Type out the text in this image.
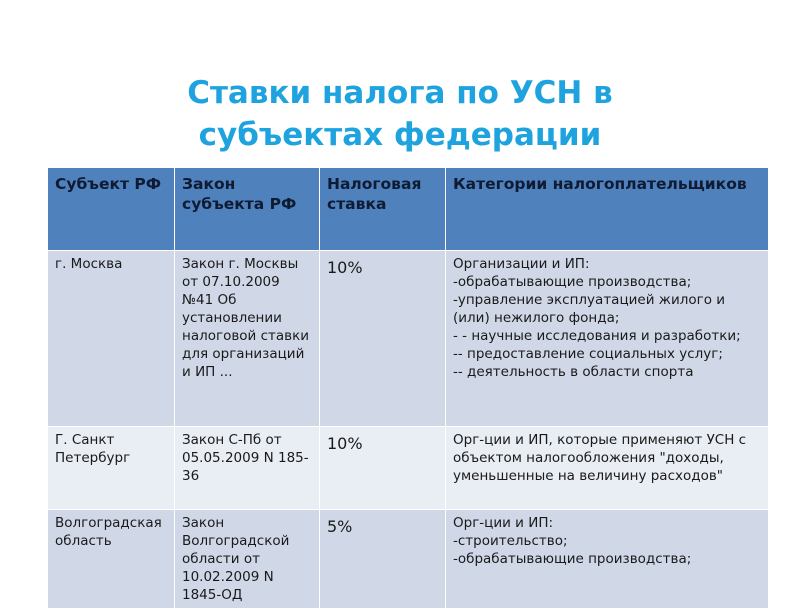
Ставки налога по УСН в
субъектах федерации
Субъект РФ	Закон субъекта РФ	Налоговая ставка	Категории налогоплательщиков
г. Москва	Закон г. Москвы от 07.10.2009 №41 Об установлении налоговой ставки для организаций и ИП ...	10%	Организации и ИП:
-обрабатывающие производства; -управление эксплуатацией жилого и (или) нежилого фонда;
- - научные исследования и разработки;
-- предоставление социальных услуг;
-- деятельность в области спорта

Г. Санкт Петербург	Закон С-Пб от 05.05.2009 N 185-36	10%	Орг-ции и ИП, которые применяют УСН с объектом налогообложения "доходы, уменьшенные на величину расходов"

Волгоградская область	Закон Волгоградской области от 10.02.2009 N 1845-ОД	5%	Орг-ции и ИП:
-строительство;
-обрабатывающие производства;
